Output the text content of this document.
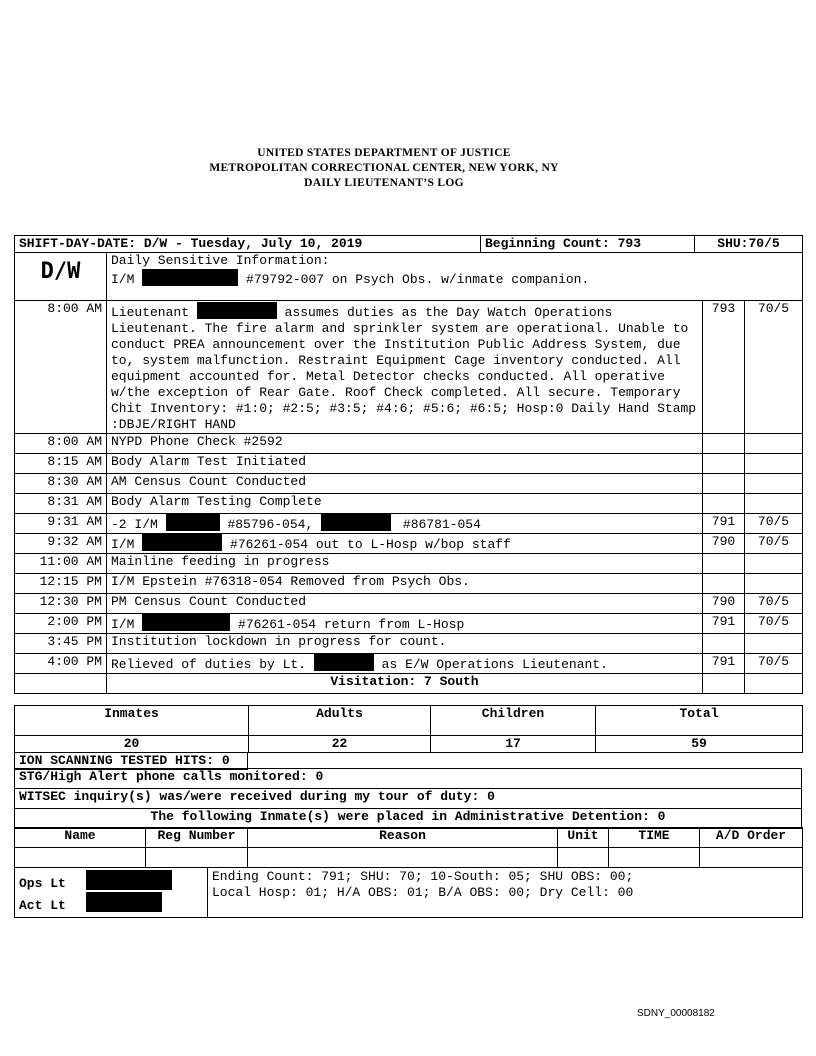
UNITED STATES DEPARTMENT OF JUSTICE
METROPOLITAN CORRECTIONAL CENTER, NEW YORK, NY
DAILY LIEUTENANT’S LOG
SHIFT-DAY-DATE: D/W - Tuesday, July 10, 2019	Beginning Count: 793	SHU:70/5
D/W	Daily Sensitive Information:
I/M	#79792-007 on Psych Obs. w/inmate companion.
8:00 AM	Lieutenant assumes duties as the Day Watch Operations
Lieutenant. The fire alarm and sprinkler system are operational. Unable to conduct PREA announcement over the Institution Public Address System, due to, system malfunction. Restraint Equipment Cage inventory conducted. All equipment accounted for. Metal Detector checks conducted. All operative w/the exception of Rear Gate. Roof Check completed. All secure. Temporary Chit Inventory: #1:0; #2:5; #3:5; #4:6; #5:6; #6:5; Hosp:0 Daily Hand Stamp :DBJE/RIGHT HAND	793	70/5
8:00 AM	NYPD Phone Check #2592		
8:15 AM	Body Alarm Test Initiated		
8:30 AM	AM Census Count Conducted		
8:31 AM	Body Alarm Testing Complete		
9:31 AM	-2 I/M #85796-054, #86781-054	791	70/5
9:32 AM	I/M #76261-054 out to L-Hosp w/bop staff	790	70/5
11:00 AM	Mainline feeding in progress		
12:15 PM	I/M Epstein #76318-054 Removed from Psych Obs.		
12:30 PM	PM Census Count Conducted	790	70/5
2:00 PM	I/M #76261-054 return from L-Hosp	791	70/5
3:45 PM	Institution lockdown in progress for count.		
4:00 PM	Relieved of duties by Lt. as E/W Operations Lieutenant.	791	70/5
	Visitation: 7 South		
Inmates	Adults	Children	Total
20	22	17	59
ION SCANNING TESTED HITS: 0
STG/High Alert phone calls monitored: 0
WITSEC inquiry(s) was/were received during my tour of duty: 0
The following Inmate(s) were placed in Administrative Detention: 0
Name	Reg Number	Reason	Unit	TIME	A/D Order

Ops Lt
Act Lt

Ending Count: 791; SHU: 70; 10-South: 05; SHU OBS: 00;
Local Hosp: 01; H/A OBS: 01; B/A OBS: 00; Dry Cell: 00
SDNY_00008182
